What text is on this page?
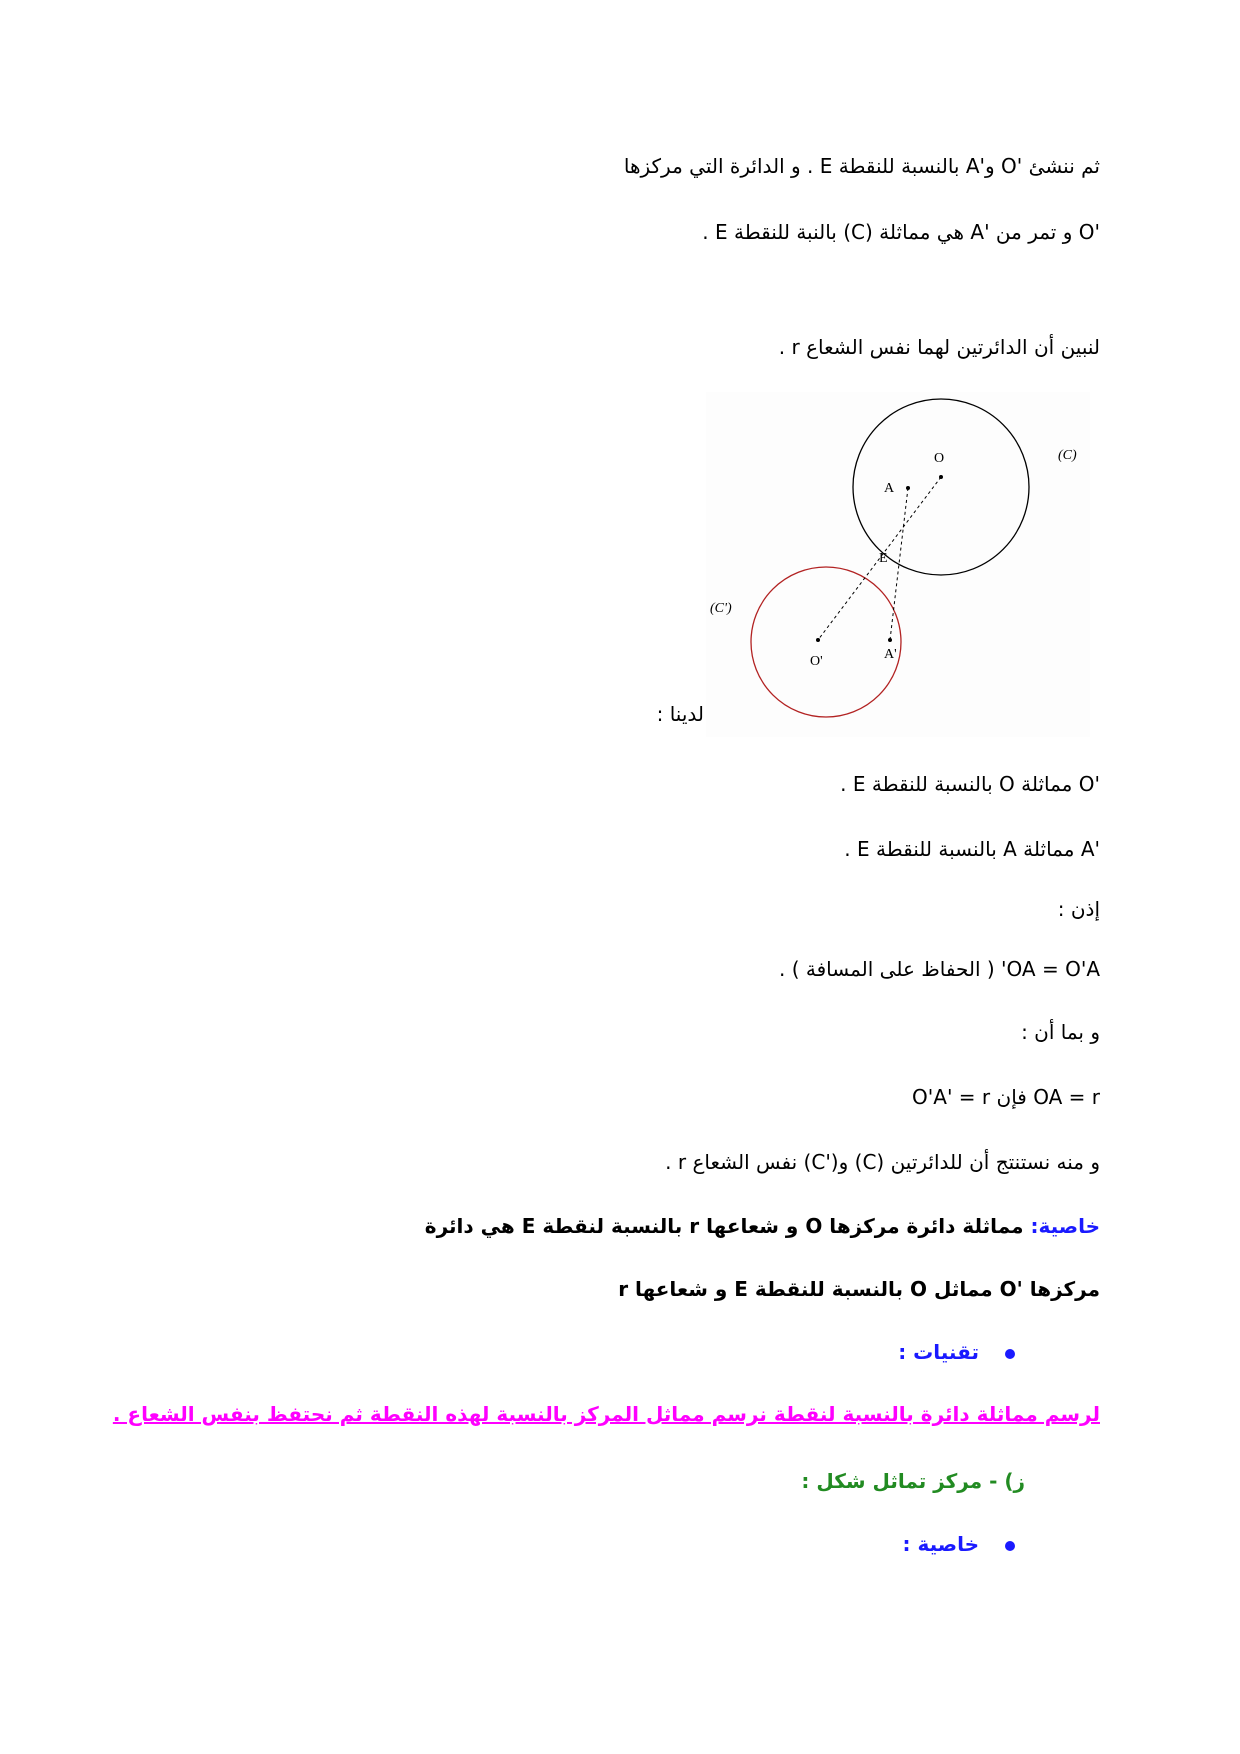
ثم ننشئ 'O و'A بالنسبة للنقطة E . و الدائرة التي مركزها
'O و تمر من 'A هي مماثلة (C) بالنبة للنقطة E .
لنبين أن الدائرتين لهما نفس الشعاع r .
O	(C)
A
E
(C')
O'	A'
لدينا :
'O مماثلة O بالنسبة للنقطة E .
'A مماثلة A بالنسبة للنقطة E .
إذن :
OA = O'A' ( الحفاظ على المسافة ) .
و بما أن :
OA = r فإن O'A' = r
و منه نستنتج أن للدائرتين (C) و('C) نفس الشعاع r .
خاصية: مماثلة دائرة مركزها O و شعاعها r بالنسبة لنقطة E هي دائرة
مركزها 'O مماثل O بالنسبة للنقطة E و شعاعها r
تقنيات :
لرسم مماثلة دائرة بالنسبة لنقطة نرسم مماثل المركز بالنسبة لهذه النقطة ثم نحتفظ بنفس الشعاع .
ز) - مركز تماثل شكل :
خاصية :
